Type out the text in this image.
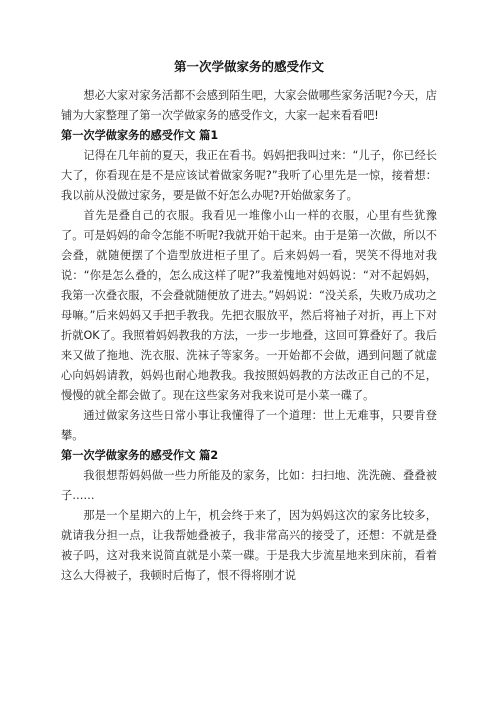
第一次学做家务的感受作文

想必大家对家务活都不会感到陌生吧，大家会做哪些家务活呢?今天，店铺为大家整理了第一次学做家务的感受作文，大家一起来看看吧!

第一次学做家务的感受作文 篇1

记得在几年前的夏天，我正在看书。妈妈把我叫过来：“儿子，你已经长大了，你看现在是不是应该试着做家务呢?”我听了心里先是一惊，接着想：我以前从没做过家务，要是做不好怎么办呢?开始做家务了。

首先是叠自己的衣服。我看见一堆像小山一样的衣服，心里有些犹豫了。可是妈妈的命令怎能不听呢?我就开始干起来。由于是第一次做，所以不会叠，就随便摆了个造型放进柜子里了。后来妈妈一看，哭笑不得地对我说：“你是怎么叠的，怎么成这样了呢?”我羞愧地对妈妈说：“对不起妈妈，我第一次叠衣服，不会叠就随便放了进去。”妈妈说：“没关系，失败乃成功之母嘛。”后来妈妈又手把手教我。先把衣服放平，然后将袖子对折，再上下对折就OK了。我照着妈妈教我的方法，一步一步地叠，这回可算叠好了。我后来又做了拖地、洗衣服、洗袜子等家务。一开始都不会做，遇到问题了就虚心向妈妈请教，妈妈也耐心地教我。我按照妈妈教的方法改正自己的不足，慢慢的就全都会做了。现在这些家务对我来说可是小菜一碟了。

通过做家务这些日常小事让我懂得了一个道理：世上无难事，只要肯登攀。

第一次学做家务的感受作文 篇2

我很想帮妈妈做一些力所能及的家务，比如：扫扫地、洗洗碗、叠叠被子……

那是一个星期六的上午，机会终于来了，因为妈妈这次的家务比较多，就请我分担一点，让我帮她叠被子，我非常高兴的接受了，还想：不就是叠被子吗，这对我来说简直就是小菜一碟。于是我大步流星地来到床前，看着这么大得被子，我顿时后悔了，恨不得将刚才说
